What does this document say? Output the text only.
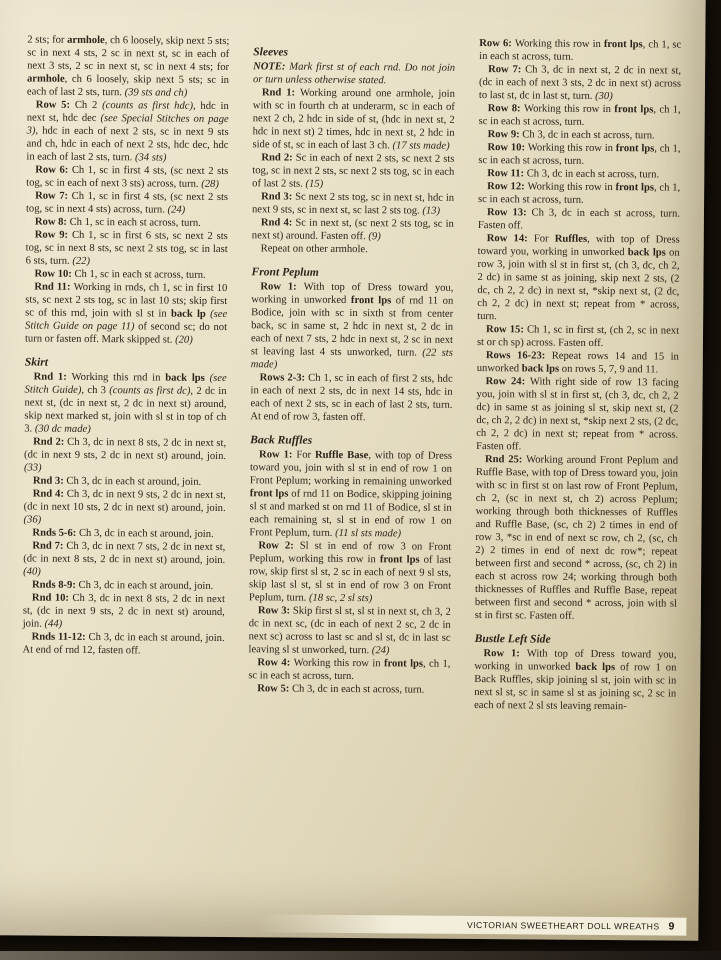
2 sts; for armhole, ch 6 loosely, skip next 5 sts; sc in next 4 sts, 2 sc in next st, sc in each of next 3 sts, 2 sc in next st, sc in next 4 sts; for armhole, ch 6 loosely, skip next 5 sts; sc in each of last 2 sts, turn. (39 sts and ch)

Row 5: Ch 2 (counts as first hdc), hdc in next st, hdc dec (see Special Stitches on page 3), hdc in each of next 2 sts, sc in next 9 sts and ch, hdc in each of next 2 sts, hdc dec, hdc in each of last 2 sts, turn. (34 sts)

Row 6: Ch 1, sc in first 4 sts, (sc next 2 sts tog, sc in each of next 3 sts) across, turn. (28)

Row 7: Ch 1, sc in first 4 sts, (sc next 2 sts tog, sc in next 4 sts) across, turn. (24)

Row 8: Ch 1, sc in each st across, turn.

Row 9: Ch 1, sc in first 6 sts, sc next 2 sts tog, sc in next 8 sts, sc next 2 sts tog, sc in last 6 sts, turn. (22)

Row 10: Ch 1, sc in each st across, turn.

Rnd 11: Working in rnds, ch 1, sc in first 10 sts, sc next 2 sts tog, sc in last 10 sts; skip first sc of this rnd, join with sl st in back lp (see Stitch Guide on page 11) of second sc; do not turn or fasten off. Mark skipped st. (20)

Skirt

Rnd 1: Working this rnd in back lps (see Stitch Guide), ch 3 (counts as first dc), 2 dc in next st, (dc in next st, 2 dc in next st) around, skip next marked st, join with sl st in top of ch 3. (30 dc made)

Rnd 2: Ch 3, dc in next 8 sts, 2 dc in next st, (dc in next 9 sts, 2 dc in next st) around, join. (33)

Rnd 3: Ch 3, dc in each st around, join.

Rnd 4: Ch 3, dc in next 9 sts, 2 dc in next st, (dc in next 10 sts, 2 dc in next st) around, join. (36)

Rnds 5-6: Ch 3, dc in each st around, join.

Rnd 7: Ch 3, dc in next 7 sts, 2 dc in next st, (dc in next 8 sts, 2 dc in next st) around, join. (40)

Rnds 8-9: Ch 3, dc in each st around, join.

Rnd 10: Ch 3, dc in next 8 sts, 2 dc in next st, (dc in next 9 sts, 2 dc in next st) around, join. (44)

Rnds 11-12: Ch 3, dc in each st around, join. At end of rnd 12, fasten off.

Sleeves

NOTE: Mark first st of each rnd. Do not join or turn unless otherwise stated.

Rnd 1: Working around one armhole, join with sc in fourth ch at underarm, sc in each of next 2 ch, 2 hdc in side of st, (hdc in next st, 2 hdc in next st) 2 times, hdc in next st, 2 hdc in side of st, sc in each of last 3 ch. (17 sts made)

Rnd 2: Sc in each of next 2 sts, sc next 2 sts tog, sc in next 2 sts, sc next 2 sts tog, sc in each of last 2 sts. (15)

Rnd 3: Sc next 2 sts tog, sc in next st, hdc in next 9 sts, sc in next st, sc last 2 sts tog. (13)

Rnd 4: Sc in next st, (sc next 2 sts tog, sc in next st) around. Fasten off. (9)

Repeat on other armhole.

Front Peplum

Row 1: With top of Dress toward you, working in unworked front lps of rnd 11 on Bodice, join with sc in sixth st from center back, sc in same st, 2 hdc in next st, 2 dc in each of next 7 sts, 2 hdc in next st, 2 sc in next st leaving last 4 sts unworked, turn. (22 sts made)

Rows 2-3: Ch 1, sc in each of first 2 sts, hdc in each of next 2 sts, dc in next 14 sts, hdc in each of next 2 sts, sc in each of last 2 sts, turn. At end of row 3, fasten off.

Back Ruffles

Row 1: For Ruffle Base, with top of Dress toward you, join with sl st in end of row 1 on Front Peplum; working in remaining unworked front lps of rnd 11 on Bodice, skipping joining sl st and marked st on rnd 11 of Bodice, sl st in each remaining st, sl st in end of row 1 on Front Peplum, turn. (11 sl sts made)

Row 2: Sl st in end of row 3 on Front Peplum, working this row in front lps of last row, skip first sl st, 2 sc in each of next 9 sl sts, skip last sl st, sl st in end of row 3 on Front Peplum, turn. (18 sc, 2 sl sts)

Row 3: Skip first sl st, sl st in next st, ch 3, 2 dc in next sc, (dc in each of next 2 sc, 2 dc in next sc) across to last sc and sl st, dc in last sc leaving sl st unworked, turn. (24)

Row 4: Working this row in front lps, ch 1, sc in each st across, turn.

Row 5: Ch 3, dc in each st across, turn.

Row 6: Working this row in front lps, ch 1, sc in each st across, turn.

Row 7: Ch 3, dc in next st, 2 dc in next st, (dc in each of next 3 sts, 2 dc in next st) across to last st, dc in last st, turn. (30)

Row 8: Working this row in front lps, ch 1, sc in each st across, turn.

Row 9: Ch 3, dc in each st across, turn.

Row 10: Working this row in front lps, ch 1, sc in each st across, turn.

Row 11: Ch 3, dc in each st across, turn.

Row 12: Working this row in front lps, ch 1, sc in each st across, turn.

Row 13: Ch 3, dc in each st across, turn. Fasten off.

Row 14: For Ruffles, with top of Dress toward you, working in unworked back lps on row 3, join with sl st in first st, (ch 3, dc, ch 2, 2 dc) in same st as joining, skip next 2 sts, (2 dc, ch 2, 2 dc) in next st, *skip next st, (2 dc, ch 2, 2 dc) in next st; repeat from * across, turn.

Row 15: Ch 1, sc in first st, (ch 2, sc in next st or ch sp) across. Fasten off.

Rows 16-23: Repeat rows 14 and 15 in unworked back lps on rows 5, 7, 9 and 11.

Row 24: With right side of row 13 facing you, join with sl st in first st, (ch 3, dc, ch 2, 2 dc) in same st as joining sl st, skip next st, (2 dc, ch 2, 2 dc) in next st, *skip next 2 sts, (2 dc, ch 2, 2 dc) in next st; repeat from * across. Fasten off.

Rnd 25: Working around Front Peplum and Ruffle Base, with top of Dress toward you, join with sc in first st on last row of Front Peplum, ch 2, (sc in next st, ch 2) across Peplum; working through both thicknesses of Ruffles and Ruffle Base, (sc, ch 2) 2 times in end of row 3, *sc in end of next sc row, ch 2, (sc, ch 2) 2 times in end of next dc row*; repeat between first and second * across, (sc, ch 2) in each st across row 24; working through both thicknesses of Ruffles and Ruffle Base, repeat between first and second * across, join with sl st in first sc. Fasten off.

Bustle Left Side

Row 1: With top of Dress toward you, working in unworked back lps of row 1 on Back Ruffles, skip joining sl st, join with sc in next sl st, sc in same sl st as joining sc, 2 sc in each of next 2 sl sts leaving remain-

VICTORIAN SWEETHEART DOLL WREATHS 9
